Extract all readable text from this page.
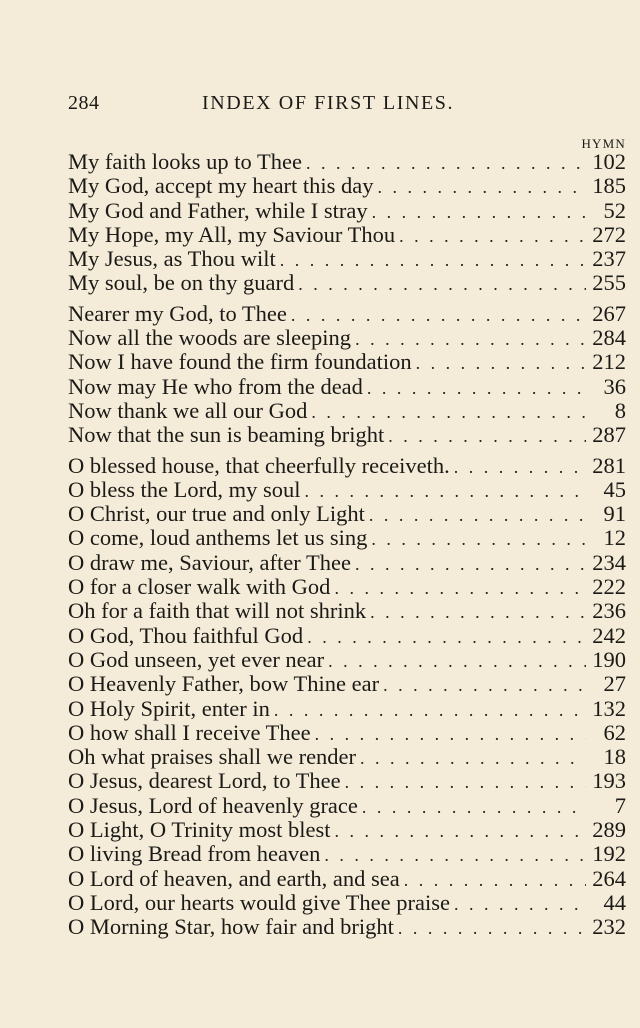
284	INDEX OF FIRST LINES.
HYMN
My faith looks up to Thee . . .	102
My God, accept my heart this day . . .	185
My God and Father, while I stray . . .	52
My Hope, my All, my Saviour Thou . . .	272
My Jesus, as Thou wilt . . .	237
My soul, be on thy guard . . .	255
Nearer my God, to Thee . . .	267
Now all the woods are sleeping . . .	284
Now I have found the firm foundation . . .	212
Now may He who from the dead . . .	36
Now thank we all our God . . .	8
Now that the sun is beaming bright . . .	287
O blessed house, that cheerfully receiveth. . . .	281
O bless the Lord, my soul . . .	45
O Christ, our true and only Light . . .	91
O come, loud anthems let us sing . . .	12
O draw me, Saviour, after Thee . . .	234
O for a closer walk with God . . .	222
Oh for a faith that will not shrink . . .	236
O God, Thou faithful God . . .	242
O God unseen, yet ever near . . .	190
O Heavenly Father, bow Thine ear . . .	27
O Holy Spirit, enter in . . .	132
O how shall I receive Thee . . .	62
Oh what praises shall we render . . .	18
O Jesus, dearest Lord, to Thee . . .	193
O Jesus, Lord of heavenly grace . . .	7
O Light, O Trinity most blest . . .	289
O living Bread from heaven . . .	192
O Lord of heaven, and earth, and sea . . .	264
O Lord, our hearts would give Thee praise . . .	44
O Morning Star, how fair and bright . . .	232
